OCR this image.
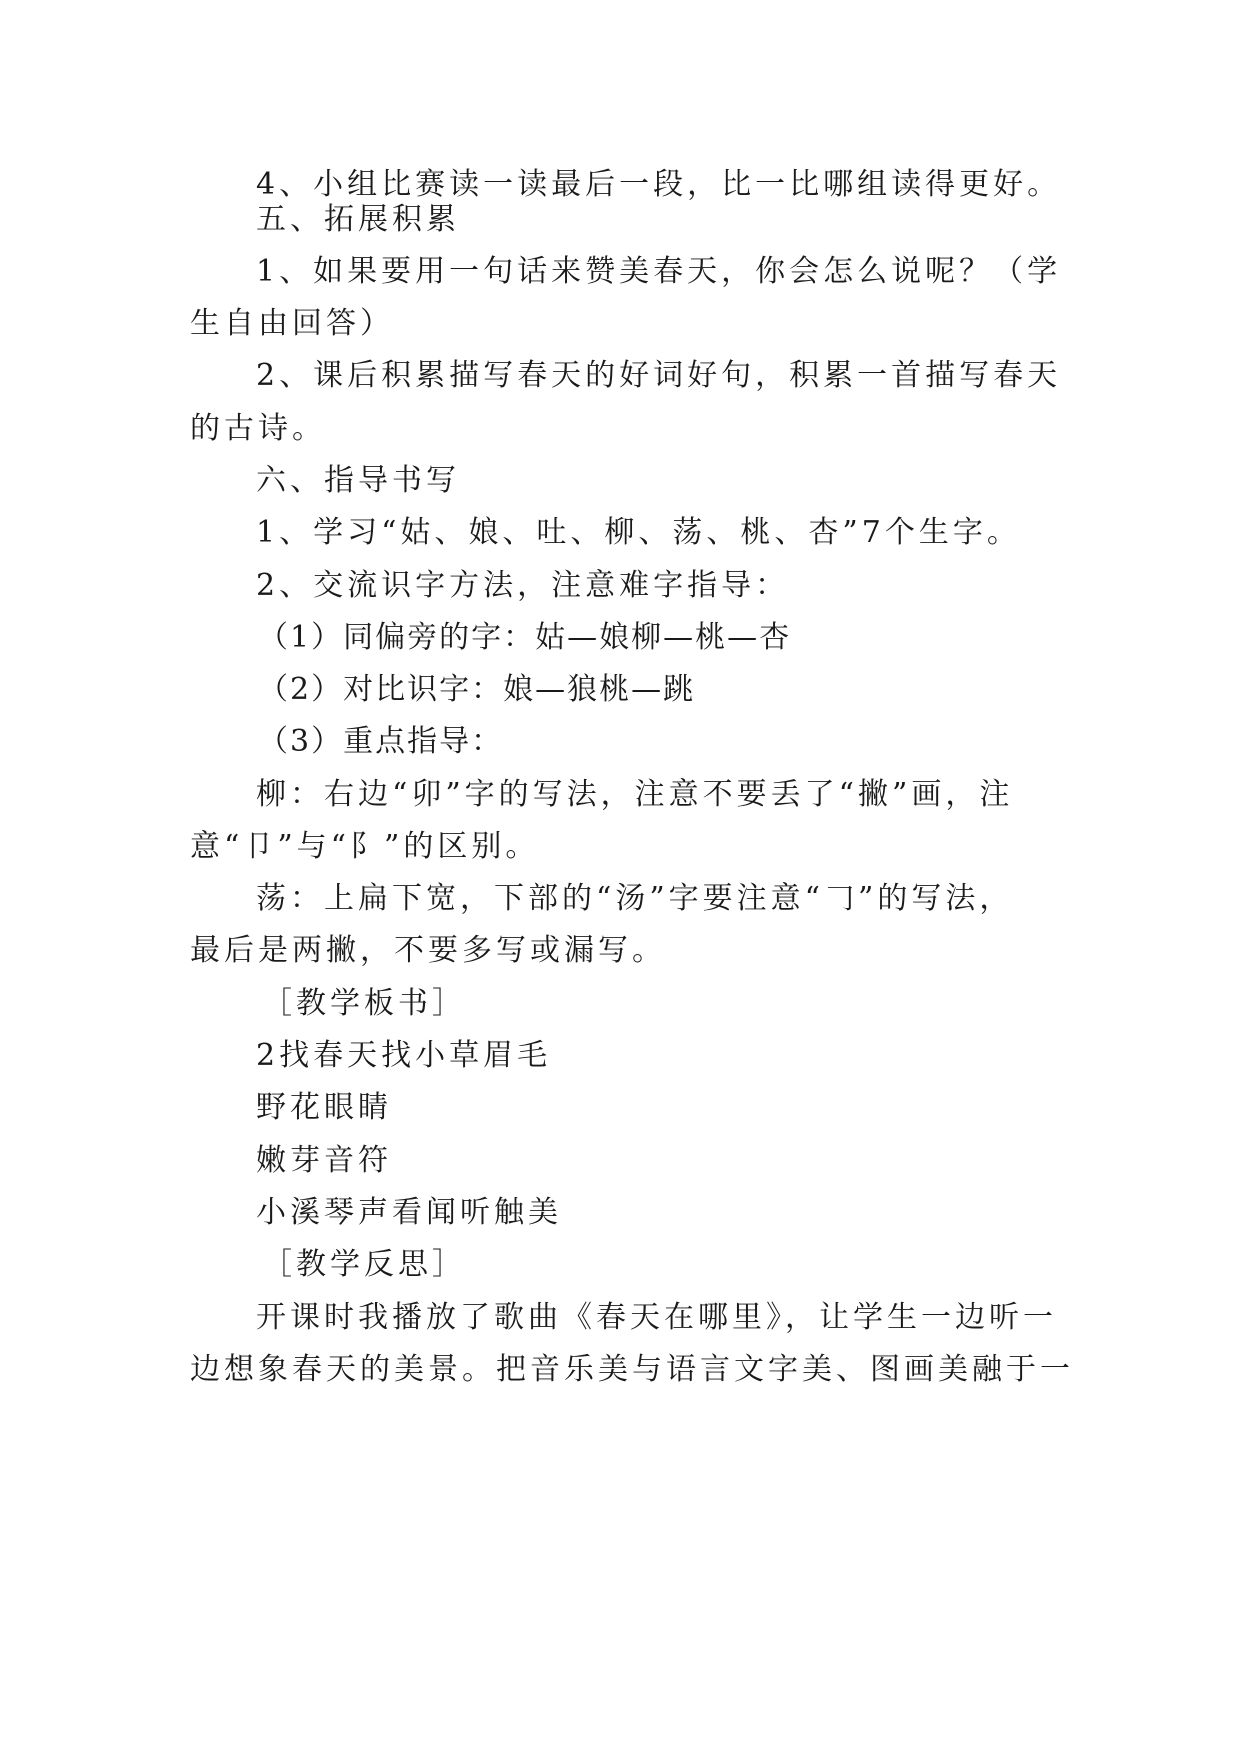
4、小组比赛读一读最后一段，比一比哪组读得更好。
五、拓展积累
1、如果要用一句话来赞美春天，你会怎么说呢？（学
生自由回答）
2、课后积累描写春天的好词好句，积累一首描写春天
的古诗。
六、指导书写
1、学习“姑、娘、吐、柳、荡、桃、杏”7个生字。
2、交流识字方法，注意难字指导：
（1）同偏旁的字：姑—娘柳—桃—杏
（2）对比识字：娘—狼桃—跳
（3）重点指导：
柳：右边“卯”字的写法，注意不要丢了“撇”画，注
意“卩”与“阝”的区别。
荡：上扁下宽，下部的“汤”字要注意“𠃌”的写法，
最后是两撇，不要多写或漏写。
［教学板书］
2找春天找小草眉毛
野花眼睛
嫩芽音符
小溪琴声看闻听触美
［教学反思］
开课时我播放了歌曲《春天在哪里》，让学生一边听一
边想象春天的美景。把音乐美与语言文字美、图画美融于一
